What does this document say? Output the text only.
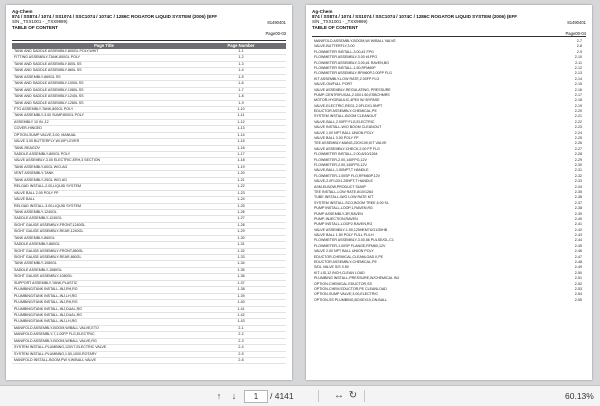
81490401
Page00-03
Ag-Chem
874 / SS874 / 1074 / SS1074 / SSC1074 / 1074C / 1286C ROGATOR LIQUID SYSTEM (2006) (EFF
S/N _TXX1001 - _TXX9999)
TABLE OF CONTENT
Page Title	Page Number
TANK AND SADDLE ASSEMBLY-800GL POLY,WHIT	1-1
FITTING ASSEMBLY-TANK,800GL POLY	1-2
TANK AND SADDLE ASSEMBLY-800L SS	1-3
TANK AND SADDLE ASSEMBLY-860L SS	1-4
TANK ASSEMBLY-860GL SS	1-5
TANK AND SADDLE ASSEMBLY-1000L SS	1-6
TANK AND SADDLE ASSEMBLY-1080L SS	1-7
TANK AND SADDLE ASSEMBLY-1240L SS	1-8
TANK AND SADDLE ASSEMBLY-1280L SS	1-9
FTG ASSEMBLY-TANK,800GL POLY	1-10
TANK ASSEMBLY-3.00 SUMP,800GL POLY	1-11
ASSEMBLY 10 IN.,12	1-12
COVER-HINGED	1-13
OPTION-SUMP VALVE,3.00, MANUAL	1-14
VALVE 3.00 BUTTERFLY W/10P LEVER	1-15
TANK-REAGOV	1-16
SADDLE ASSEMBLY-800GL POLY	1-17
VALVE ASSEMBLY-3.00 ELECTRIC,ERH,3 SECTION	1-18
TANK ASSEMBLY-60GL W/O-AG	1-19
VENT ASSEMBLY-TANK	1-20
TANK ASSEMBLY-25GL W/O AG	1-21
RELOAD INSTALL-2.00,LIQUID SYSTEM	1-22
VALVE BALL 2.00 POLY FP	1-23
VALVE BALL	1-24
RELOAD INSTALL-3.00,LIQUID SYSTEM	1-25
TANK ASSEMBLY-1240GL	1-26
SADDLE ASSEMBLY-1240GL	1-27
SIGHT GAUGE ASSEMBLY-FRONT,1240GL	1-28
SIGHT GAUGE ASSEMBLY-REAR,1240GL	1-29
TANK ASSEMBLY-860GL	1-30
SADDLE ASSEMBLY-860GL	1-31
SIGHT GAUGE ASSEMBLY-FRONT,860GL	1-32
SIGHT GAUGE ASSEMBLY-REAR,860GL	1-33
TANK ASSEMBLY-1080GL	1-34
SADDLE ASSEMBLY-1080GL	1-35
SIGHT GAUGE ASSEMBLY-1080GL	1-36
SUPPORT ASSEMBLY-TANK,PLASTIC	1-37
PLUMBING/TANK INSTALL-INJ,RH,RG	1-38
PLUMBING/TANK INSTALL-INJ,LH,RG	1-39
PLUMBING/TANK INSTALL-INJ,RH,RG	1-40
PLUMBING/TANK INSTALL-INJ,DUAL,RG	1-41
PLUMBING/TANK INSTALL-INJ,DUAL,RG	1-42
PLUMBING/TANK INSTALL-INJ,LH,RG	1-43
MANIFOLD ASSEMBLY-BOOM,W/BALL VALVE,ETO	2-1
MANIFOLD ASSEMBLY-7,1.00FP FLG,ELECTRIC	2-2
MANIFOLD ASSEMBLY-BOOM,W/BALL VALVE,RG	2-3
SYSTEM INSTALL-PLUMBING,120V7,ELECTRIC VALVE	2-4
SYSTEM INSTALL-PLUMBING,1.50,1000,ROTARY	2-5
MANIFOLD INSTALL-BOOM,PW V,W/BALL VALVE	2-6
81490401
Page00-04
Ag-Chem
874 / SS874 / 1074 / SS1074 / SSC1074 / 1074C / 1286C ROGATOR LIQUID SYSTEM (2006) (EFF
S/N _TXX1001 - _TXX9999)
TABLE OF CONTENT
MANIFOLD ASSEMBLY-BOOM,W/ W/BALL VALVE	2-7
VALVE-BUTTERFLY,3.00	2-8
FLOWMETER INSTALL-3.00,#1 FPG	2-9
FLOWMETER ASSEMBLY-3.00 #1FPG	2-10
FLOWMETER ASSEMBLY-3.00,#1 RAVEN,BG	2-11
FLOWMETER INSTALL-1.50,RFM60P	2-12
FLOWMETER ASSEMBLY-RFM60P,2.00FP FLG	2-13
KIT ASSEMBLY-LOW RATE,2.00FP FLG	2-14
VALVE-ON/FULL PORT	2-15
VALVE ASSEMBLY-REGULATING, PRESSURE	2-16
PUMP-CENTRIFUGAL,2.00X1.50,ESBCHMRS	2-17
MOTOR-HYDRAULIC,4PE0 W/ BYPASE	2-18
VALVE-ELECTRIC,REG1,2.0FLDX1.5NPT	2-19
EDUCTOR ASSEMBLY-CHEMICAL,PE	2-20
SYSTEM INSTALL-BOOM CLEANOUT	2-21
VALVE-BALL,2.00FP FLG,ELECTRIC	2-22
VALVE INSTALL-W/O BOOM CLEANOUT	2-23
VALVE 1.00 NPT BALL UNION POLY	2-24
VALVE BALL 3.00 POLY FP	2-25
TEE ASSEMBLY-MANG,220X100,KIT VALVE	2-26
VALVE ASSEMBLY-CHECK,2.00 FP FLG	2-27
FLOWMETER INSTALL-2.00,8/10/1264	2-28
FLOWMETER-2.00,140FPG,12V	2-29
FLOWMETER-2.00,140FPG,12V	2-30
VALVE-BALL,1.50NPT,T HANDLE	2-31
FLOWMETER-1.00SP FLG,RFM60P,12V	2-32
VALVE-2.0FLDX1.25NPT,T HANDLE	2-33
ASM-ELBOW,PRODUCT SUMP	2-34
TEE INSTALL-LOW RATE,8/10/1264	2-35
TUBE INSTALL-W/O LOW RATE KIT	2-36
SYSTEM INSTALL-SCO,BOOM TREE,5.00 SL	2-37
PUMP INSTALL-LOOP,1,RAVEN,RG	2-38
PUMP ASSEMBLY-3R,RAVEN	2-39
PUMP-INJECTION,RAVEN	2-40
PUMP INSTALL-LOOP2,RAVEN,RG	2-41
VALVE ASSEMBLY-1.50,125HEM7UG1/30HB	2-42
VALVE BALL 1.50 POLY FULL PL/LH	2-43
FLOWMETER ASSEMBLY-3.00,56 PULSE/GL,C1	2-44
FLOWMETER-1.00SP FLANGE,RFM60,12V	2-45
VALVE 2.00 NPT BALL UNION POLY	2-46
EDUCTOR-CHEMICAL,CLEANLOAD II,PE	2-47
EDUCTOR ASSEMBLY-CHEMICAL,PE	2-48
S/DL VALVE S/S 0.50	2-49
KIT-LID,12 INCH,CLEAN LOAD	2-50
PLUMBING INSTALL-PRESSURE,W/CHEMICAL INJ	2-51
OPTION-CHEMICAL EDUCTOR,SS	2-52
OPTION-CHEM EDUCTOR,PE CLEANLOAD	2-53
OPTION-SUMP VALVE,3.00,ELECTRIC	2-54
OPTION-SS PLUMBING,BOXEX10,ON,BALL	2-55
↑	↓	1	/ 4141	↔ ↻	60.13%
